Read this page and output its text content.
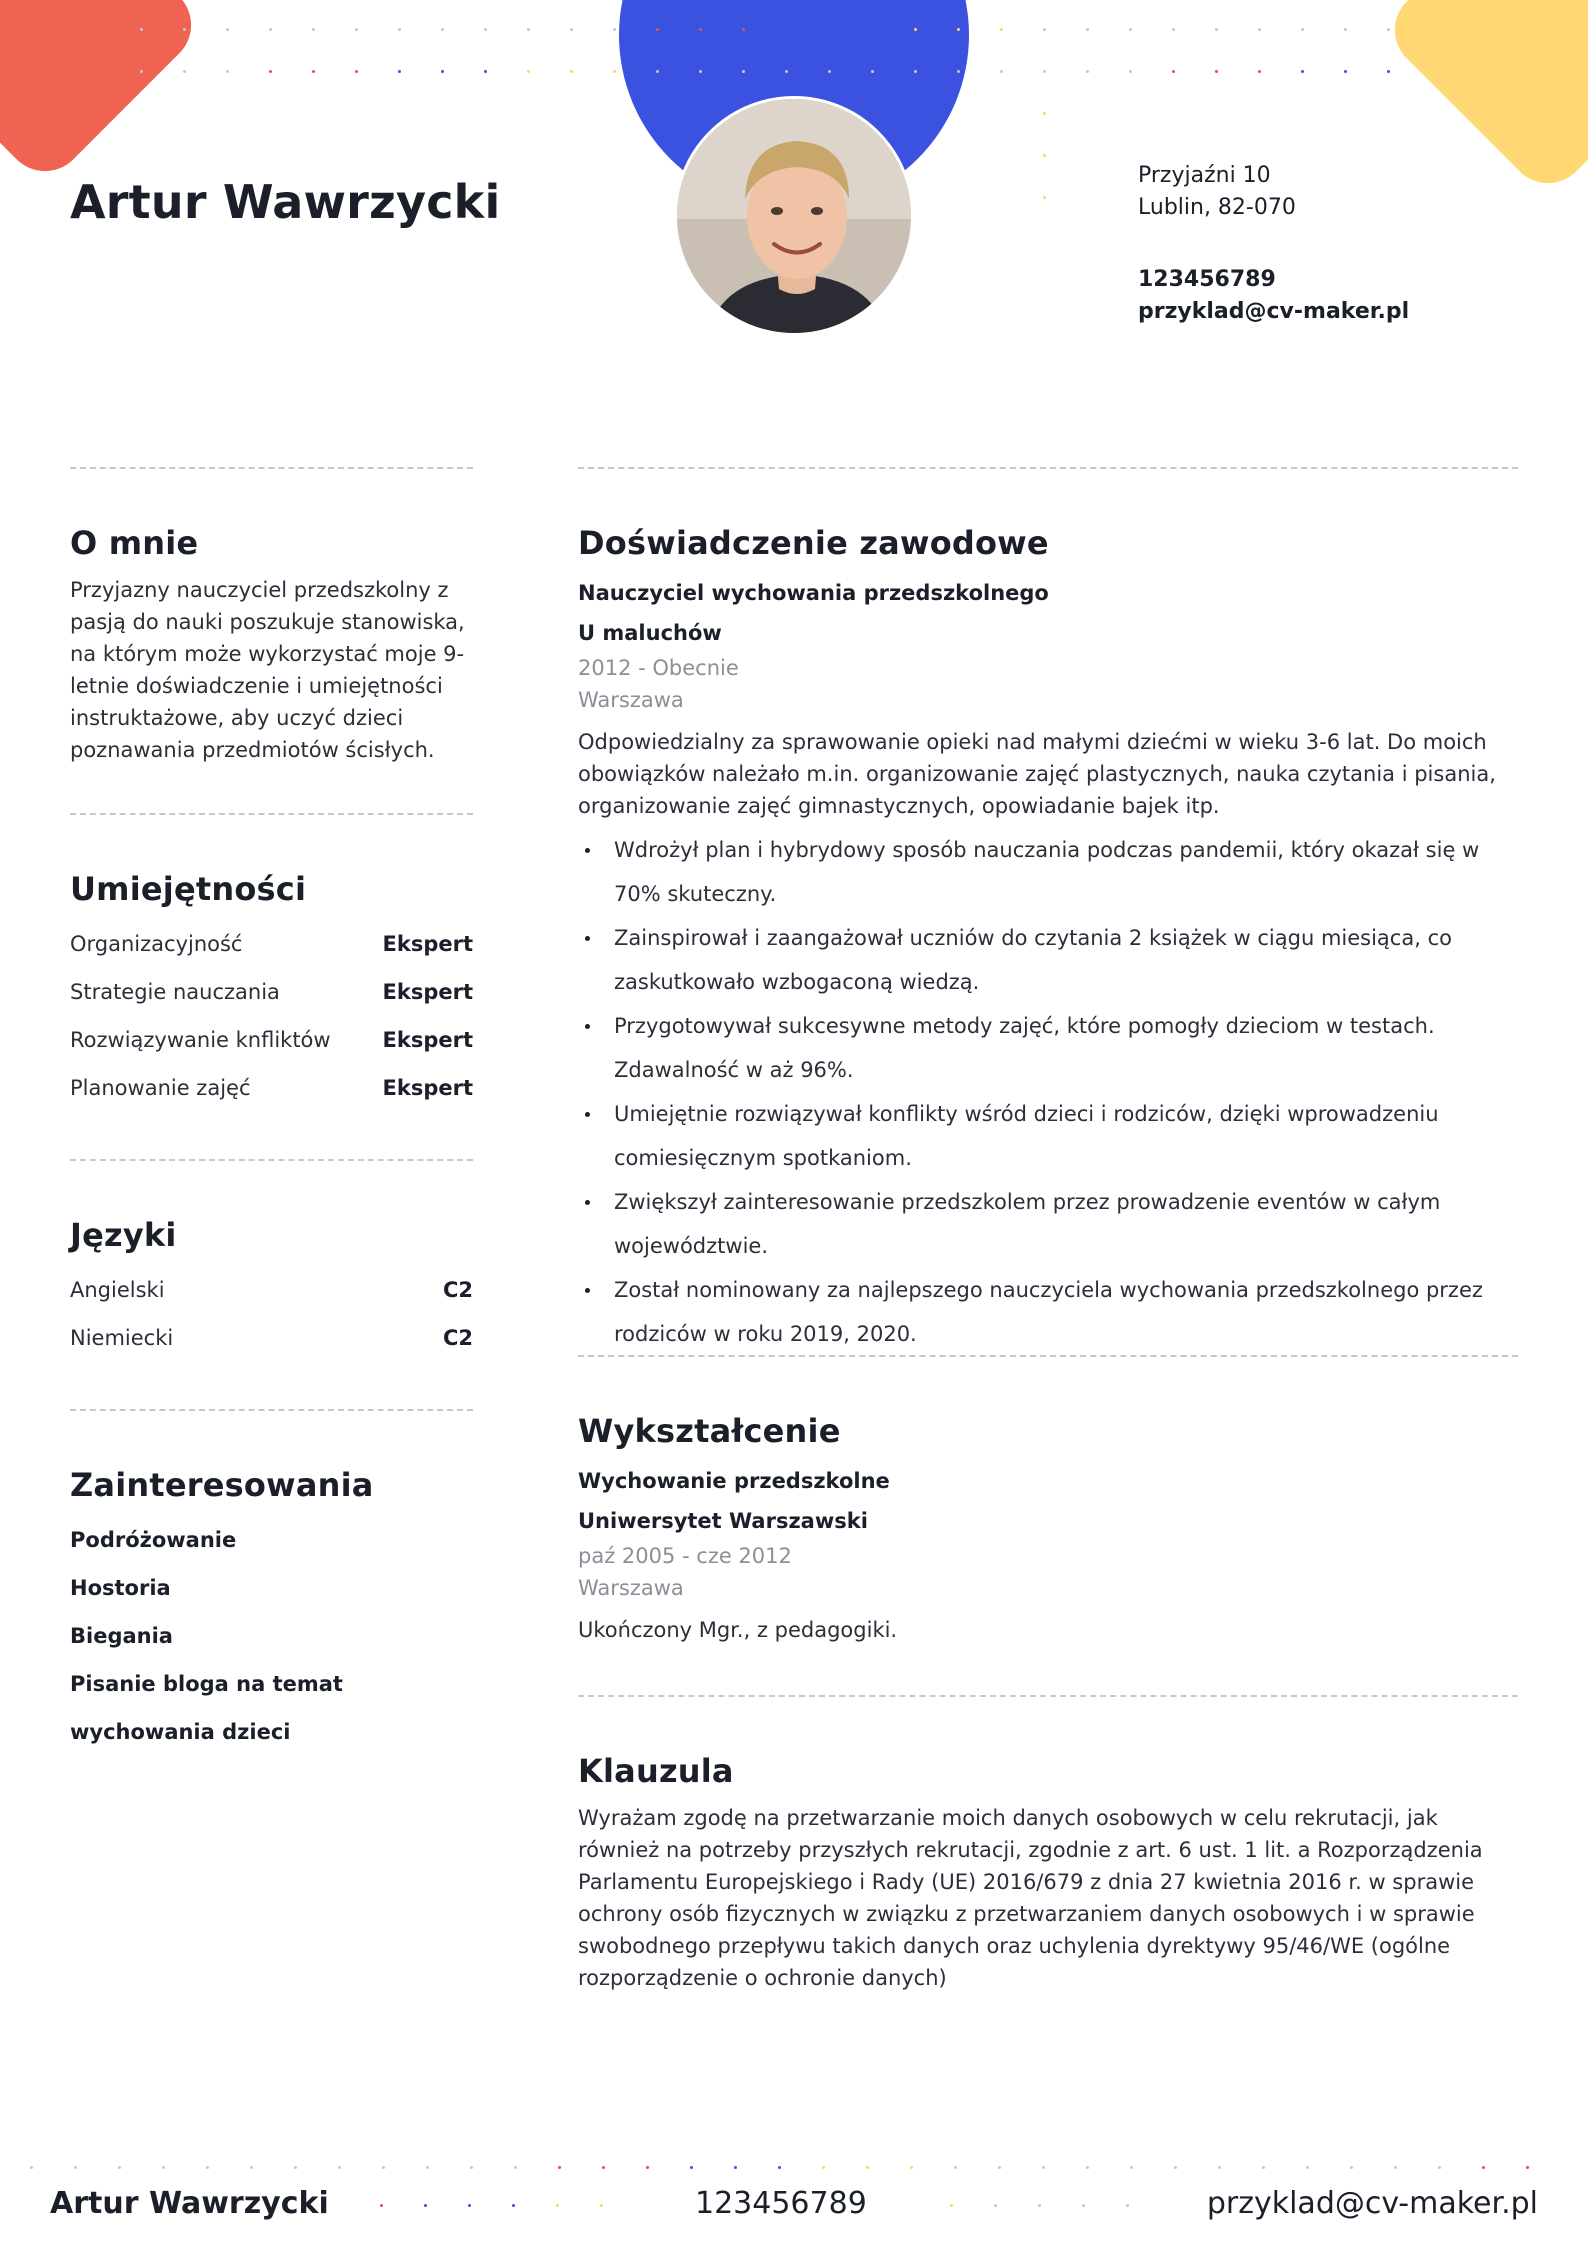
Artur Wawrzycki	Przyjaźni 10
Lublin, 82-070
123456789
przyklad@cv-maker.pl
O mnie
Przyjazny nauczyciel przedszkolny z pasją do nauki poszukuje stanowiska, na którym może wykorzystać moje 9-letnie doświadczenie i umiejętności instruktażowe, aby uczyć dzieci poznawania przedmiotów ścisłych.
Umiejętności
Organizacyjność	Ekspert
Strategie nauczania	Ekspert
Rozwiązywanie knfliktów Ekspert
Planowanie zajęć	Ekspert
Języki
Angielski	C2
Niemiecki	C2
Zainteresowania
Podróżowanie
Hostoria
Biegania
Pisanie bloga na temat wychowania dzieci
Doświadczenie zawodowe
Nauczyciel wychowania przedszkolnego
U maluchów
2012 - Obecnie
Warszawa
Odpowiedzialny za sprawowanie opieki nad małymi dziećmi w wieku 3-6 lat. Do moich obowiązków należało m.in. organizowanie zajęć plastycznych, nauka czytania i pisania, organizowanie zajęć gimnastycznych, opowiadanie bajek itp.
Wdrożył plan i hybrydowy sposób nauczania podczas pandemii, który okazał się w 70% skuteczny.
Zainspirował i zaangażował uczniów do czytania 2 książek w ciągu miesiąca, co zaskutkowało wzbogaconą wiedzą.
Przygotowywał sukcesywne metody zajęć, które pomogły dzieciom w testach. Zdawalność w aż 96%.
Umiejętnie rozwiązywał konflikty wśród dzieci i rodziców, dzięki wprowadzeniu comiesięcznym spotkaniom.
Zwiększył zainteresowanie przedszkolem przez prowadzenie eventów w całym województwie.
Został nominowany za najlepszego nauczyciela wychowania przedszkolnego przez rodziców w roku 2019, 2020.
Wykształcenie
Wychowanie przedszkolne
Uniwersytet Warszawski
paź 2005 - cze 2012
Warszawa
Ukończony Mgr., z pedagogiki.
Klauzula
Wyrażam zgodę na przetwarzanie moich danych osobowych w celu rekrutacji, jak również na potrzeby przyszłych rekrutacji, zgodnie z art. 6 ust. 1 lit. a Rozporządzenia Parlamentu Europejskiego i Rady (UE) 2016/679 z dnia 27 kwietnia 2016 r. w sprawie ochrony osób fizycznych w związku z przetwarzaniem danych osobowych i w sprawie swobodnego przepływu takich danych oraz uchylenia dyrektywy 95/46/WE (ogólne rozporządzenie o ochronie danych)
Artur Wawrzycki	123456789	przyklad@cv-maker.pl
